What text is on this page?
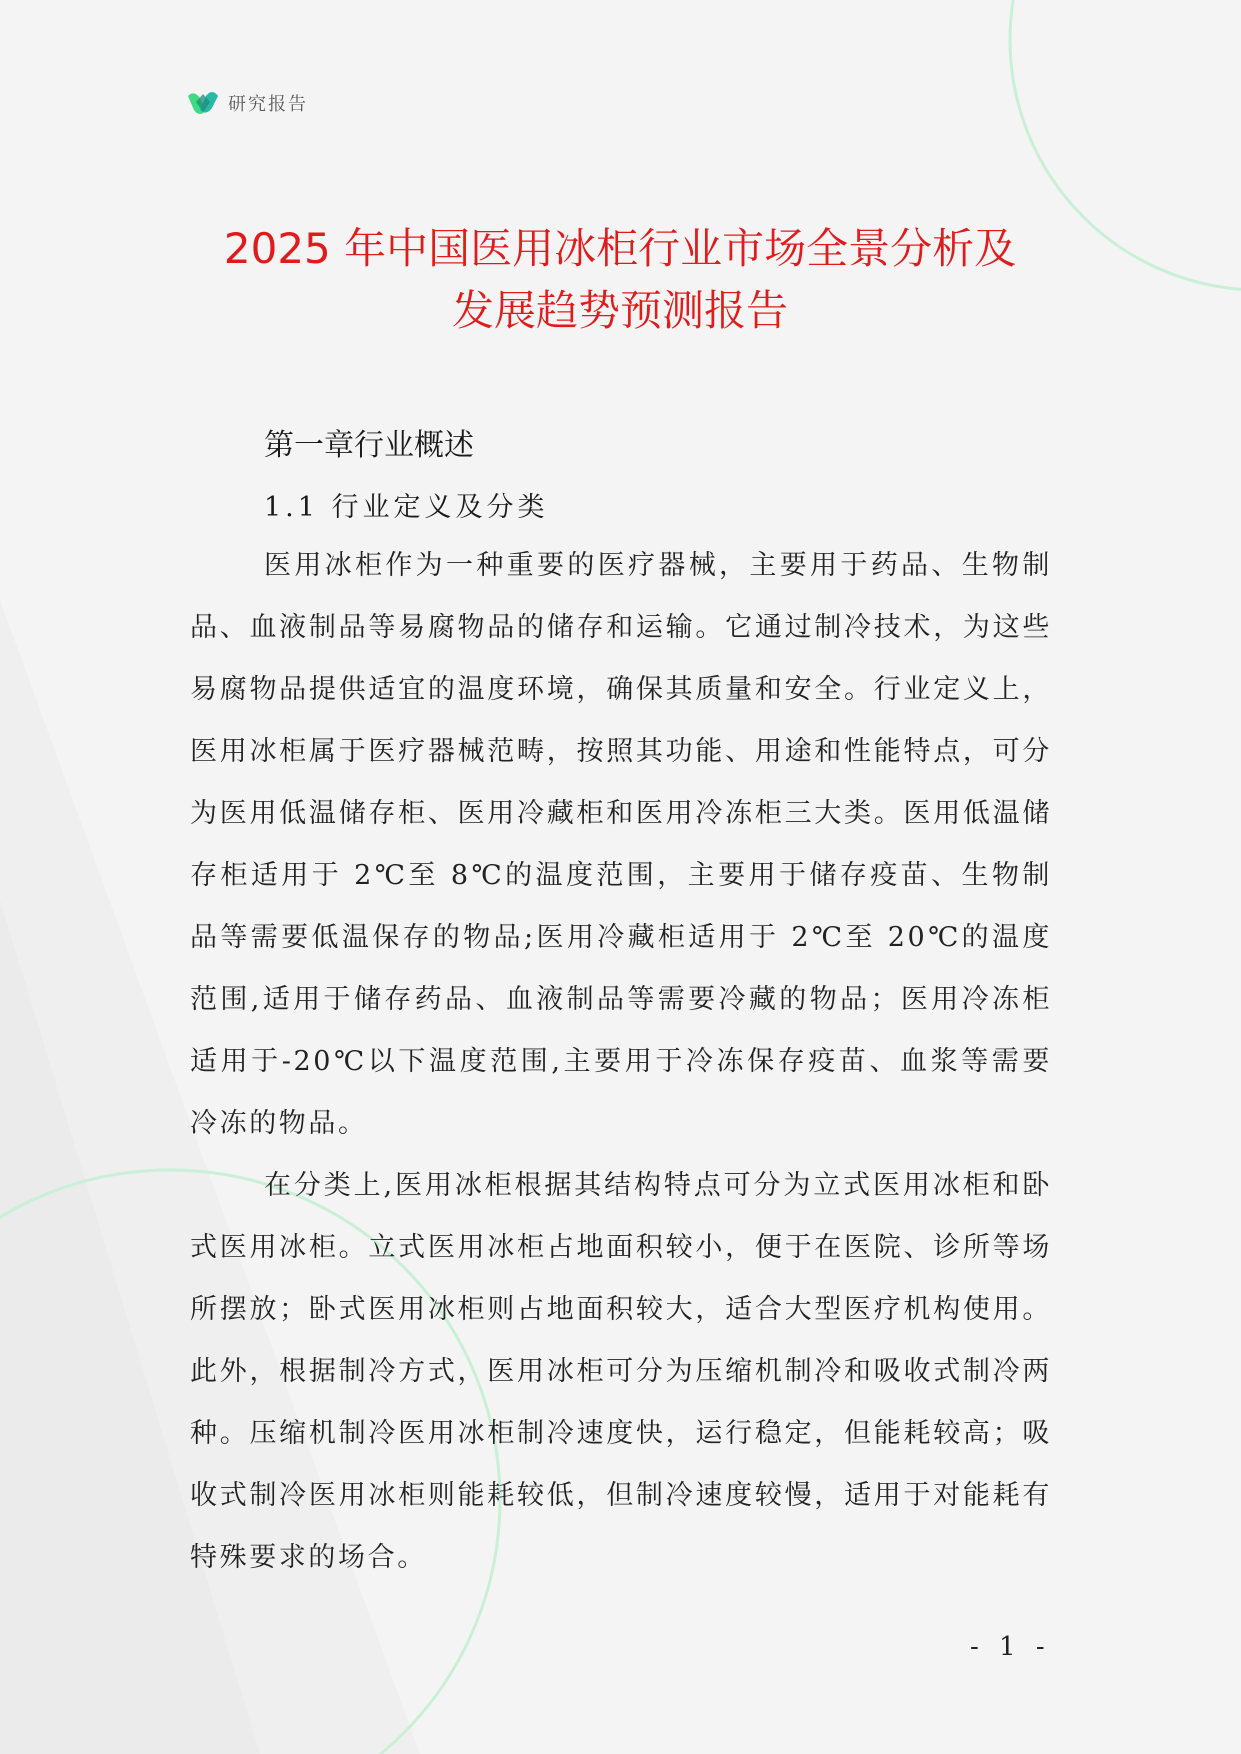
研究报告
2025 年中国医用冰柜行业市场全景分析及
发展趋势预测报告
第一章行业概述
1.1 行业定义及分类

医用冰柜作为一种重要的医疗器械，主要用于药品、生物制品、血液制品等易腐物品的储存和运输。它通过制冷技术，为这些易腐物品提供适宜的温度环境，确保其质量和安全。行业定义上，医用冰柜属于医疗器械范畴，按照其功能、用途和性能特点，可分为医用低温储存柜、医用冷藏柜和医用冷冻柜三大类。医用低温储存柜适用于 2℃至 8℃的温度范围，主要用于储存疫苗、生物制品等需要低温保存的物品;医用冷藏柜适用于 2℃至 20℃的温度范围,适用于储存药品、血液制品等需要冷藏的物品；医用冷冻柜适用于-20℃以下温度范围,主要用于冷冻保存疫苗、血浆等需要冷冻的物品。

在分类上,医用冰柜根据其结构特点可分为立式医用冰柜和卧式医用冰柜。立式医用冰柜占地面积较小，便于在医院、诊所等场所摆放；卧式医用冰柜则占地面积较大，适合大型医疗机构使用。此外，根据制冷方式，医用冰柜可分为压缩机制冷和吸收式制冷两种。压缩机制冷医用冰柜制冷速度快，运行稳定，但能耗较高；吸收式制冷医用冰柜则能耗较低，但制冷速度较慢，适用于对能耗有特殊要求的场合。

- 1 -
